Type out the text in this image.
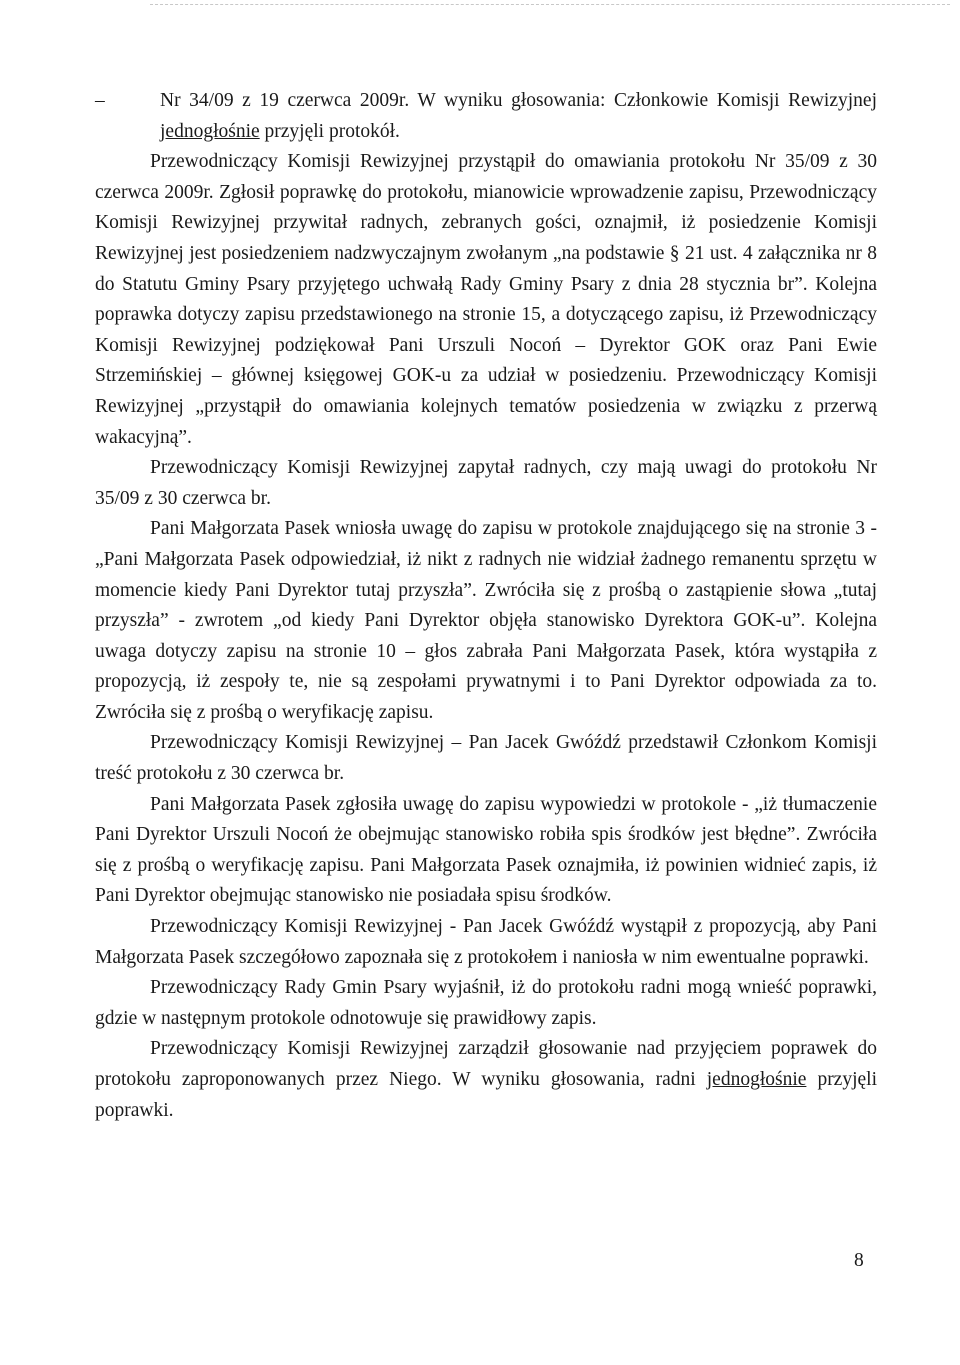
–	Nr 34/09 z 19 czerwca 2009r. W wyniku głosowania: Członkowie Komisji Rewizyjnej jednogłośnie przyjęli protokół.

Przewodniczący Komisji Rewizyjnej przystąpił do omawiania protokołu Nr 35/09 z 30 czerwca 2009r. Zgłosił poprawkę do protokołu, mianowicie wprowadzenie zapisu, Przewodniczący Komisji Rewizyjnej przywitał radnych, zebranych gości, oznajmił, iż posiedzenie Komisji Rewizyjnej jest posiedzeniem nadzwyczajnym zwołanym „na podstawie § 21 ust. 4 załącznika nr 8 do Statutu Gminy Psary przyjętego uchwałą Rady Gminy Psary z dnia 28 stycznia br”. Kolejna poprawka dotyczy zapisu przedstawionego na stronie 15, a dotyczącego zapisu, iż Przewodniczący Komisji Rewizyjnej podziękował Pani Urszuli Nocoń – Dyrektor GOK oraz Pani Ewie Strzemińskiej – głównej księgowej GOK-u za udział w posiedzeniu. Przewodniczący Komisji Rewizyjnej „przystąpił do omawiania kolejnych tematów posiedzenia w związku z przerwą wakacyjną”.

Przewodniczący Komisji Rewizyjnej zapytał radnych, czy mają uwagi do protokołu Nr 35/09 z 30 czerwca br.

Pani Małgorzata Pasek wniosła uwagę do zapisu w protokole znajdującego się na stronie 3 - „Pani Małgorzata Pasek odpowiedział, iż nikt z radnych nie widział żadnego remanentu sprzętu w momencie kiedy Pani Dyrektor tutaj przyszła”. Zwróciła się z prośbą o zastąpienie słowa „tutaj przyszła” - zwrotem „od kiedy Pani Dyrektor objęła stanowisko Dyrektora GOK-u”. Kolejna uwaga dotyczy zapisu na stronie 10 – głos zabrała Pani Małgorzata Pasek, która wystąpiła z propozycją, iż zespoły te, nie są zespołami prywatnymi i to Pani Dyrektor odpowiada za to. Zwróciła się z prośbą o weryfikację zapisu.

Przewodniczący Komisji Rewizyjnej – Pan Jacek Gwóźdź przedstawił Członkom Komisji treść protokołu z 30 czerwca br.

Pani Małgorzata Pasek zgłosiła uwagę do zapisu wypowiedzi w protokole - „iż tłumaczenie Pani Dyrektor Urszuli Nocoń że obejmując stanowisko robiła spis środków jest błędne”. Zwróciła się z prośbą o weryfikację zapisu. Pani Małgorzata Pasek oznajmiła, iż powinien widnieć zapis, iż Pani Dyrektor obejmując stanowisko nie posiadała spisu środków.

Przewodniczący Komisji Rewizyjnej - Pan Jacek Gwóźdź wystąpił z propozycją, aby Pani Małgorzata Pasek szczegółowo zapoznała się z protokołem i naniosła w nim ewentualne poprawki.

Przewodniczący Rady Gmin Psary wyjaśnił, iż do protokołu radni mogą wnieść poprawki, gdzie w następnym protokole odnotowuje się prawidłowy zapis.

Przewodniczący Komisji Rewizyjnej zarządził głosowanie nad przyjęciem poprawek do protokołu zaproponowanych przez Niego. W wyniku głosowania, radni jednogłośnie przyjęli poprawki.

8
